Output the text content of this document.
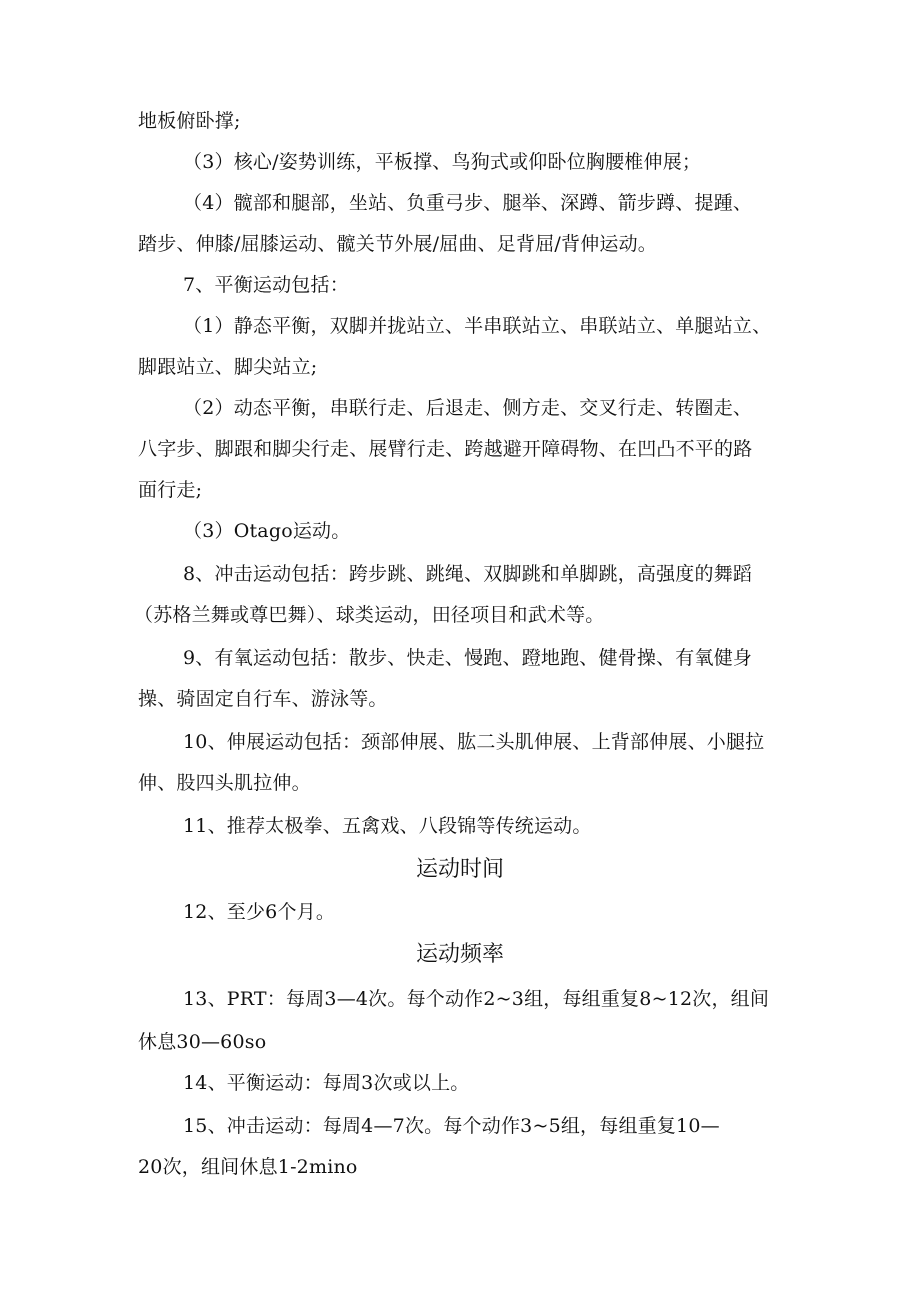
地板俯卧撑;
（3）核心/姿势训练，平板撑、鸟狗式或仰卧位胸腰椎伸展；
（4）髋部和腿部，坐站、负重弓步、腿举、深蹲、箭步蹲、提踵、
踏步、伸膝/屈膝运动、髋关节外展/屈曲、足背屈/背伸运动。
7、平衡运动包括：
（1）静态平衡，双脚并拢站立、半串联站立、串联站立、单腿站立、
脚跟站立、脚尖站立;
（2）动态平衡，串联行走、后退走、侧方走、交叉行走、转圈走、
八字步、脚跟和脚尖行走、展臂行走、跨越避开障碍物、在凹凸不平的路
面行走;
（3）Otago运动。
8、冲击运动包括：跨步跳、跳绳、双脚跳和单脚跳，高强度的舞蹈
（苏格兰舞或尊巴舞）、球类运动，田径项目和武术等。
9、有氧运动包括：散步、快走、慢跑、蹬地跑、健骨操、有氧健身
操、骑固定自行车、游泳等。
10、伸展运动包括：颈部伸展、肱二头肌伸展、上背部伸展、小腿拉
伸、股四头肌拉伸。
11、推荐太极拳、五禽戏、八段锦等传统运动。
运动时间
12、至少6个月。
运动频率
13、PRT：每周3—4次。每个动作2~3组，每组重复8~12次，组间
休息30—60so
14、平衡运动：每周3次或以上。
15、冲击运动：每周4—7次。每个动作3~5组，每组重复10—
20次，组间休息1-2mino
